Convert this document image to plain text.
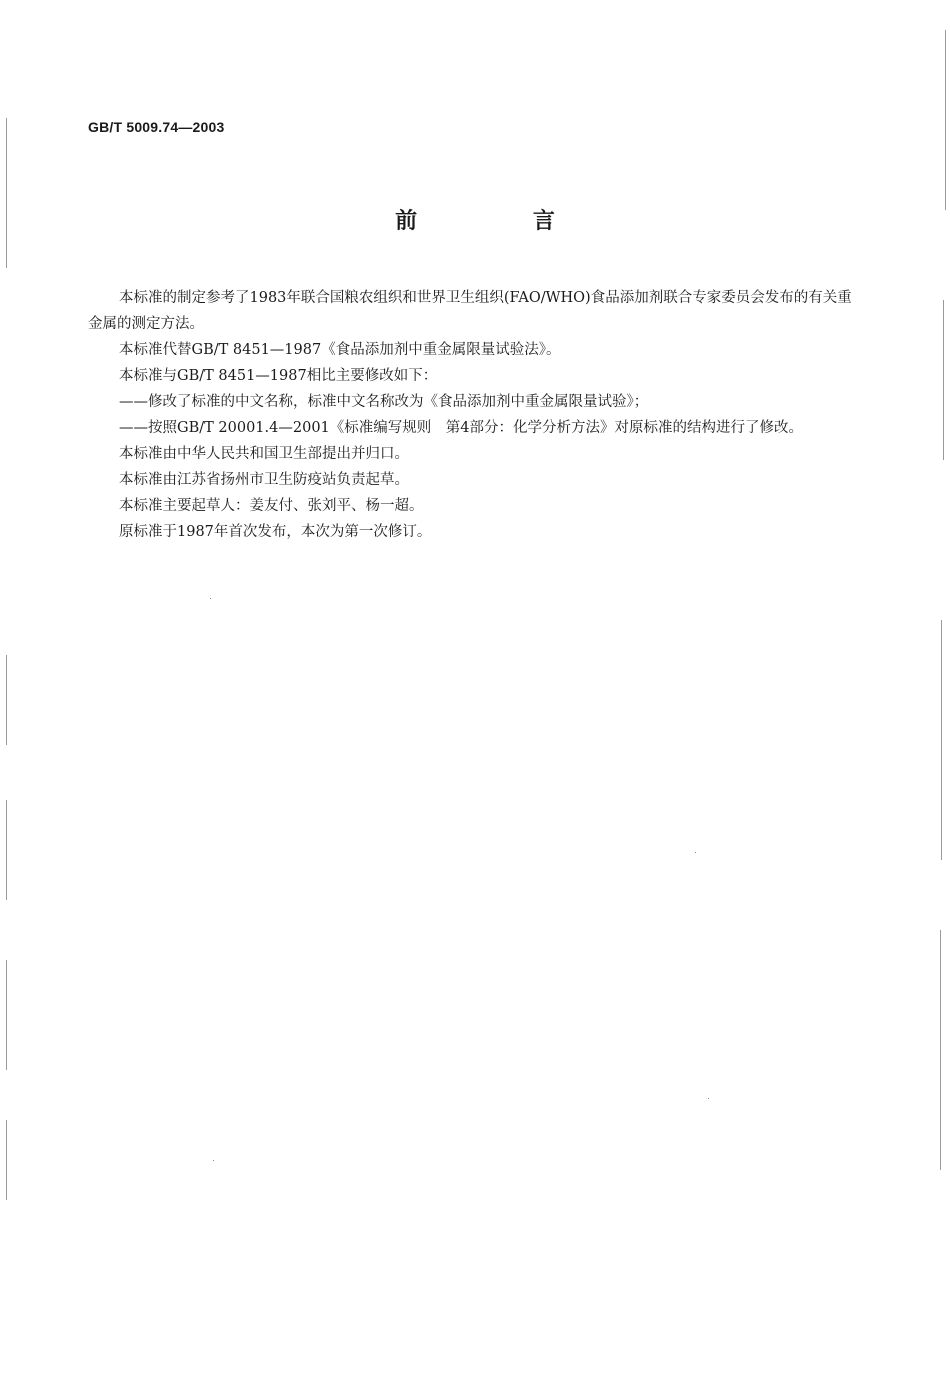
GB/T 5009.74—2003
前 言

本标准的制定参考了1983年联合国粮农组织和世界卫生组织(FAO/WHO)食品添加剂联合专家委员会发布的有关重金属的测定方法。

本标准代替GB/T 8451—1987《食品添加剂中重金属限量试验法》。

本标准与GB/T 8451—1987相比主要修改如下：

——修改了标准的中文名称，标准中文名称改为《食品添加剂中重金属限量试验》；

——按照GB/T 20001.4—2001《标准编写规则　第4部分：化学分析方法》对原标准的结构进行了修改。

本标准由中华人民共和国卫生部提出并归口。

本标准由江苏省扬州市卫生防疫站负责起草。

本标准主要起草人：姜友付、张刘平、杨一超。

原标准于1987年首次发布，本次为第一次修订。
